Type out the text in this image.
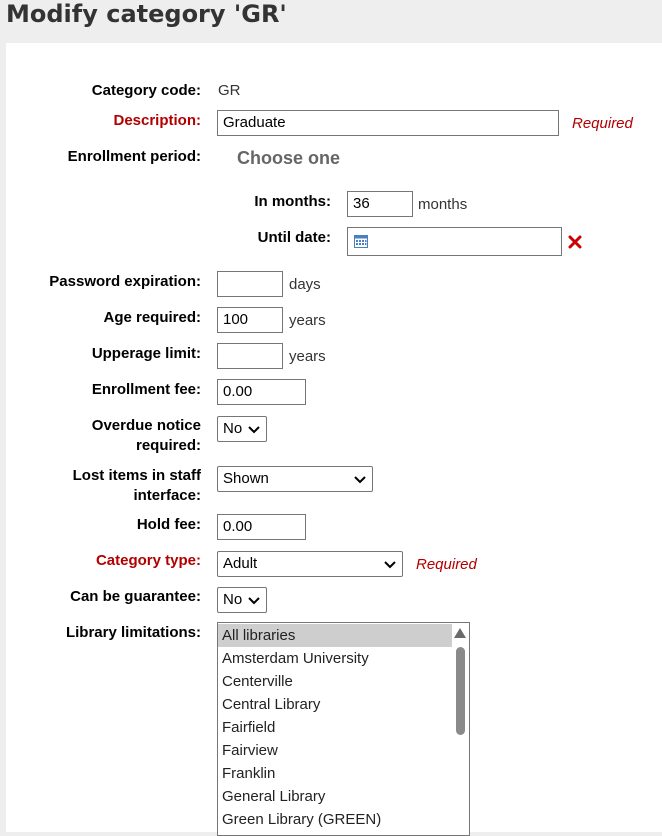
Modify category 'GR'
Category code: GR
Description:	Graduate	Required
Enrollment period: Choose one
In months:	36	months
Until date:
Password expiration:	days
Age required:	100	years
Upperage limit:	years
Enrollment fee:	0.00
Overdue notice
required:
No
Lost items in staff
interface:
Shown
Hold fee:	0.00
Category type:	Adult	Required
Can be guarantee:	No
Library limitations: All libraries
Amsterdam University
Centerville
Central Library
Fairfield
Fairview
Franklin
General Library
Green Library (GREEN)
